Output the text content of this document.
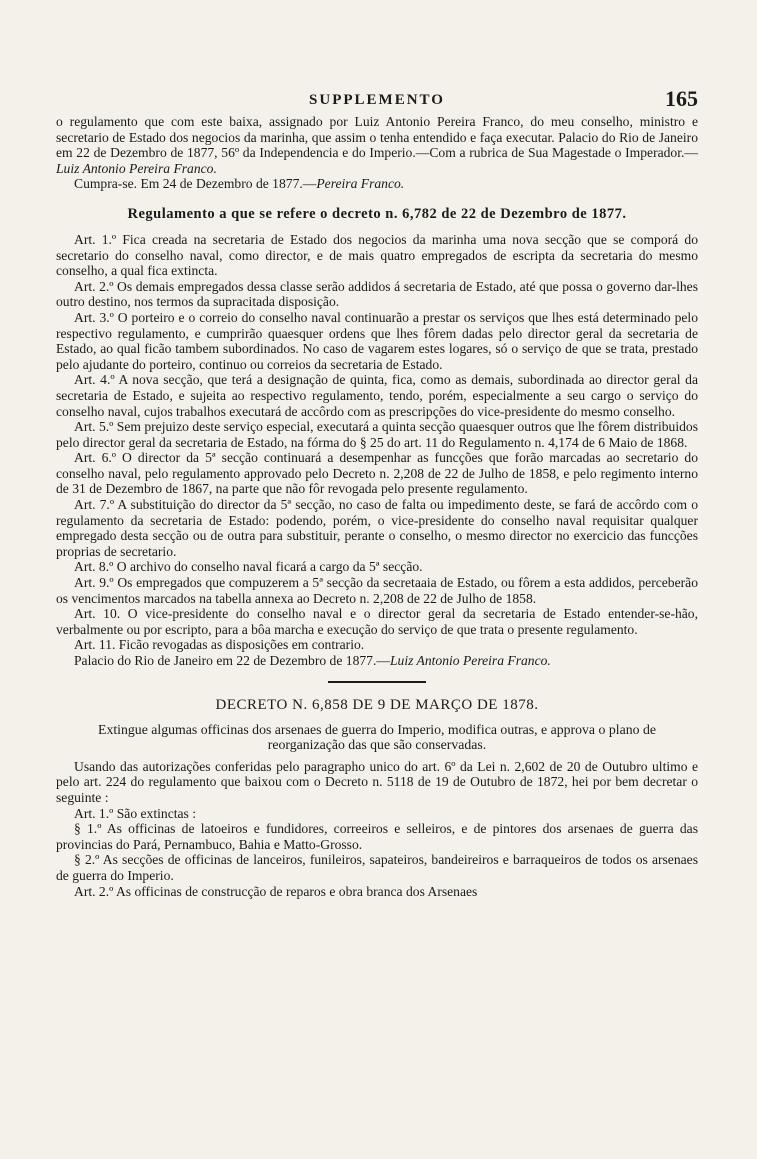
SUPPLEMENTO	165

o regulamento que com este baixa, assignado por Luiz Antonio Pereira Franco, do meu conselho, ministro e secretario de Estado dos negocios da marinha, que assim o tenha entendido e faça executar. Palacio do Rio de Janeiro em 22 de Dezembro de 1877, 56º da Independencia e do Imperio.—Com a rubrica de Sua Magestade o Imperador.—Luiz Antonio Pereira Franco.

Cumpra-se. Em 24 de Dezembro de 1877.—Pereira Franco.

Regulamento a que se refere o decreto n. 6,782 de 22 de Dezembro de 1877.

Art. 1.º Fica creada na secretaria de Estado dos negocios da marinha uma nova secção que se comporá do secretario do conselho naval, como director, e de mais quatro empregados de escripta da secretaria do mesmo conselho, a qual fica extincta.

Art. 2.º Os demais empregados dessa classe serão addidos á secretaria de Estado, até que possa o governo dar-lhes outro destino, nos termos da supracitada disposição.

Art. 3.º O porteiro e o correio do conselho naval continuarão a prestar os serviços que lhes está determinado pelo respectivo regulamento, e cumprirão quaesquer ordens que lhes fôrem dadas pelo director geral da secretaria de Estado, ao qual ficão tambem subordinados. No caso de vagarem estes logares, só o serviço de que se trata, prestado pelo ajudante do porteiro, continuo ou correios da secretaria de Estado.

Art. 4.º A nova secção, que terá a designação de quinta, fica, como as demais, subordinada ao director geral da secretaria de Estado, e sujeita ao respectivo regulamento, tendo, porém, especialmente a seu cargo o serviço do conselho naval, cujos trabalhos executará de accôrdo com as prescripções do vice-presidente do mesmo conselho.

Art. 5.º Sem prejuizo deste serviço especial, executará a quinta secção quaesquer outros que lhe fôrem distribuidos pelo director geral da secretaria de Estado, na fórma do § 25 do art. 11 do Regulamento n. 4,174 de 6 Maio de 1868.

Art. 6.º O director da 5ª secção continuará a desempenhar as funcções que forão marcadas ao secretario do conselho naval, pelo regulamento approvado pelo Decreto n. 2,208 de 22 de Julho de 1858, e pelo regimento interno de 31 de Dezembro de 1867, na parte que não fôr revogada pelo presente regulamento.

Art. 7.º A substituição do director da 5ª secção, no caso de falta ou impedimento deste, se fará de accôrdo com o regulamento da secretaria de Estado: podendo, porém, o vice-presidente do conselho naval requisitar qualquer empregado desta secção ou de outra para substituir, perante o conselho, o mesmo director no exercicio das funcções proprias de secretario.

Art. 8.º O archivo do conselho naval ficará a cargo da 5ª secção.

Art. 9.º Os empregados que compuzerem a 5ª secção da secretaaia de Estado, ou fôrem a esta addidos, perceberão os vencimentos marcados na tabella annexa ao Decreto n. 2,208 de 22 de Julho de 1858.

Art. 10. O vice-presidente do conselho naval e o director geral da secretaria de Estado entender-se-hão, verbalmente ou por escripto, para a bôa marcha e execução do serviço de que trata o presente regulamento.

Art. 11. Ficão revogadas as disposições em contrario.

Palacio do Rio de Janeiro em 22 de Dezembro de 1877.—Luiz Antonio Pereira Franco.

DECRETO N. 6,858 DE 9 DE MARÇO DE 1878.
Extingue algumas officinas dos arsenaes de guerra do Imperio, modifica outras, e approva o plano de reorganização das que são conservadas.

Usando das autorizações conferidas pelo paragrapho unico do art. 6º da Lei n. 2,602 de 20 de Outubro ultimo e pelo art. 224 do regulamento que baixou com o Decreto n. 5118 de 19 de Outubro de 1872, hei por bem decretar o seguinte :

Art. 1.º São extinctas :

§ 1.º As officinas de latoeiros e fundidores, correeiros e selleiros, e de pintores dos arsenaes de guerra das provincias do Pará, Pernambuco, Bahia e Matto-Grosso.

§ 2.º As secções de officinas de lanceiros, funileiros, sapateiros, bandeireiros e barraqueiros de todos os arsenaes de guerra do Imperio.

Art. 2.º As officinas de construcção de reparos e obra branca dos Arsenaes
